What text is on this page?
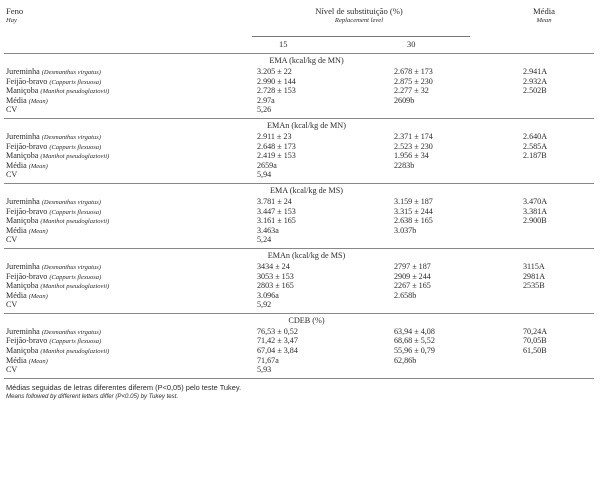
Feno
Hay
Nível de substituição (%)
Replacement level
Média
Mean
15	30
EMA (kcal/kg de MN)
Jureminha (Desmanthus virgatus)	3.205 ± 22	2.678 ± 173	2.941A
Feijão-bravo (Capparis flexuosa)	2.990 ± 144	2.875 ± 230	2.932A
Maniçoba (Manihot pseudoglaziovii)	2.728 ± 153	2.277 ± 32	2.502B
Média (Mean)	2.97a	2609b
CV	5,26
EMAn (kcal/kg de MN)
Jureminha (Desmanthus virgatus)	2.911 ± 23	2.371 ± 174	2.640A
Feijão-bravo (Capparis flexuosa)	2.648 ± 173	2.523 ± 230	2.585A
Maniçoba (Manihot pseudoglaziovii)	2.419 ± 153	1.956 ± 34	2.187B
Média (Mean)	2659a	2283b
CV	5,94
EMA (kcal/kg de MS)
Jureminha (Desmanthus virgatus)	3.781 ± 24	3.159 ± 187	3.470A
Feijão-bravo (Capparis flexuosa)	3.447 ± 153	3.315 ± 244	3.381A
Maniçoba (Manihot pseudoglaziovii)	3.161 ± 165	2.638 ± 165	2.900B
Média (Mean)	3.463a	3.037b
CV	5,24
EMAn (kcal/kg de MS)
Jureminha (Desmanthus virgatus)	3434 ± 24	2797 ± 187	3115A
Feijão-bravo (Capparis flexuosa)	3053 ± 153	2909 ± 244	2981A
Maniçoba (Manihot pseudoglaziovii)	2803 ± 165	2267 ± 165	2535B
Média (Mean)	3.096a	2.658b
CV	5,92
CDEB (%)
Jureminha (Desmanthus virgatus)	76,53 ± 0,52	63,94 ± 4,08	70,24A
Feijão-bravo (Capparis flexuosa)	71,42 ± 3,47	68,68 ± 5,52	70,05B
Maniçoba (Manihot pseudoglaziovii)	67,04 ± 3,84	55,96 ± 0,79	61,50B
Média (Mean)	71,67a	62,86b
CV	5,93
Médias seguidas de letras diferentes diferem (P<0,05) pelo teste Tukey.
Means followed by different letters differ (P<0.05) by Tukey test.
